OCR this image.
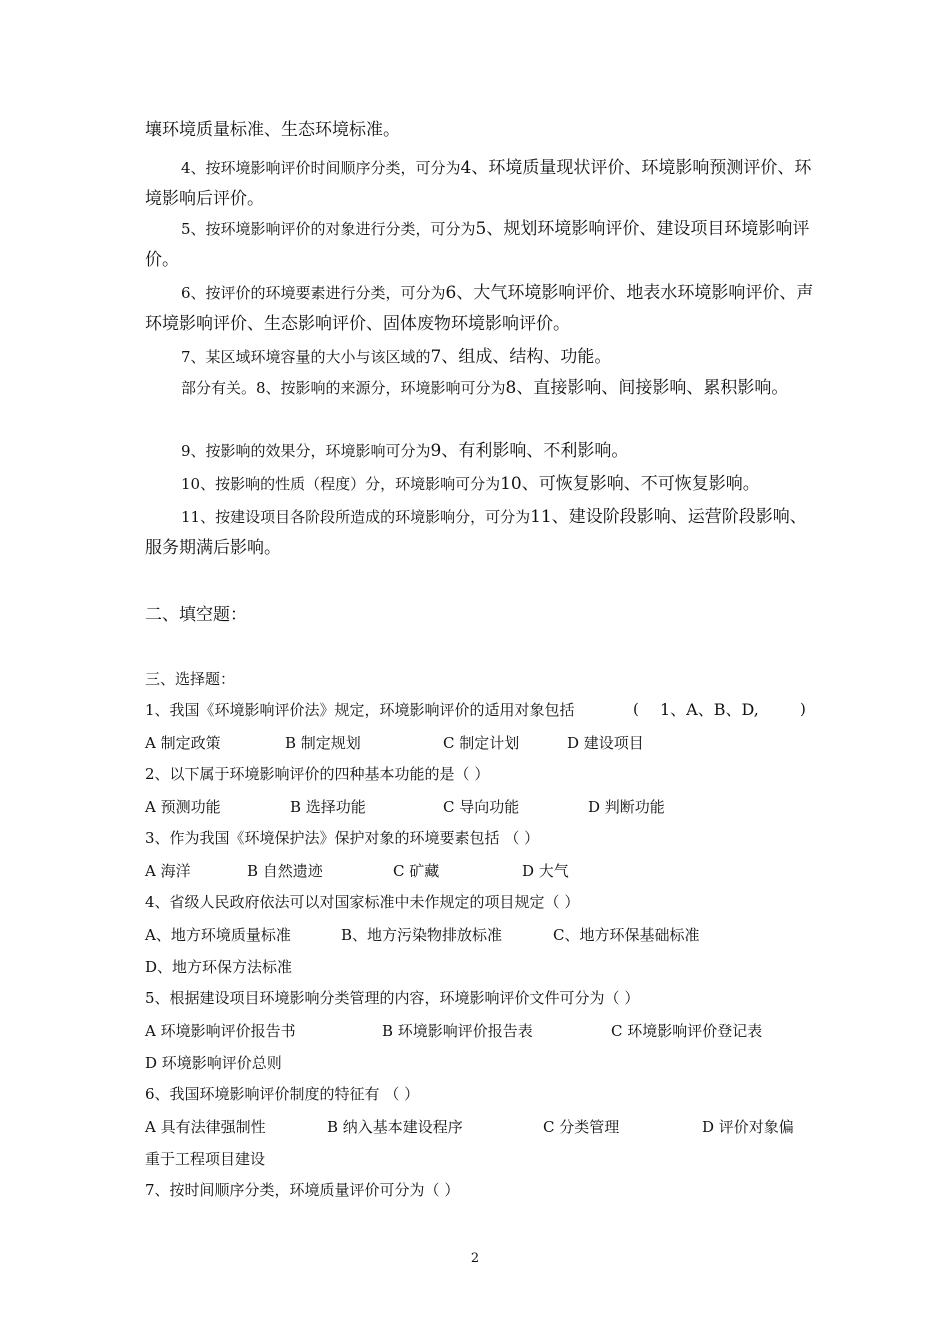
壤环境质量标准、生态环境标准。
4、按环境影响评价时间顺序分类，可分为4、环境质量现状评价、环境影响预测评价、环境影响后评价。
5、按环境影响评价的对象进行分类，可分为5、规划环境影响评价、建设项目环境影响评价。
6、按评价的环境要素进行分类，可分为6、大气环境影响评价、地表水环境影响评价、声环境影响评价、生态影响评价、固体废物环境影响评价。
7、某区域环境容量的大小与该区域的7、组成、结构、功能。
部分有关。8、按影响的来源分，环境影响可分为8、直接影响、间接影响、累积影响。
9、按影响的效果分，环境影响可分为9、有利影响、不利影响。
10、按影响的性质（程度）分，环境影响可分为10、可恢复影响、不可恢复影响。
11、按建设项目各阶段所造成的环境影响分，可分为11、建设阶段影响、运营阶段影响、服务期满后影响。
二、填空题：
三、选择题：
1、我国《环境影响评价法》规定，环境影响评价的适用对象包括	( 1、A、B、D,	)
A 制定政策	B 制定规划	C 制定计划	D 建设项目
2、以下属于环境影响评价的四种基本功能的是（ ）
A 预测功能	B 选择功能	C 导向功能	D 判断功能
3、作为我国《环境保护法》保护对象的环境要素包括 （ ）
A 海洋	B 自然遗迹	C 矿藏	D 大气
4、省级人民政府依法可以对国家标准中未作规定的项目规定（ ）
A、地方环境质量标准	B、地方污染物排放标准	C、地方环保基础标准
D、地方环保方法标准
5、根据建设项目环境影响分类管理的内容，环境影响评价文件可分为（ ）
A 环境影响评价报告书	B 环境影响评价报告表	C 环境影响评价登记表
D 环境影响评价总则
6、我国环境影响评价制度的特征有 （ ）
A 具有法律强制性	B 纳入基本建设程序	C 分类管理	D 评价对象偏
重于工程项目建设
7、按时间顺序分类，环境质量评价可分为（ ）
2
